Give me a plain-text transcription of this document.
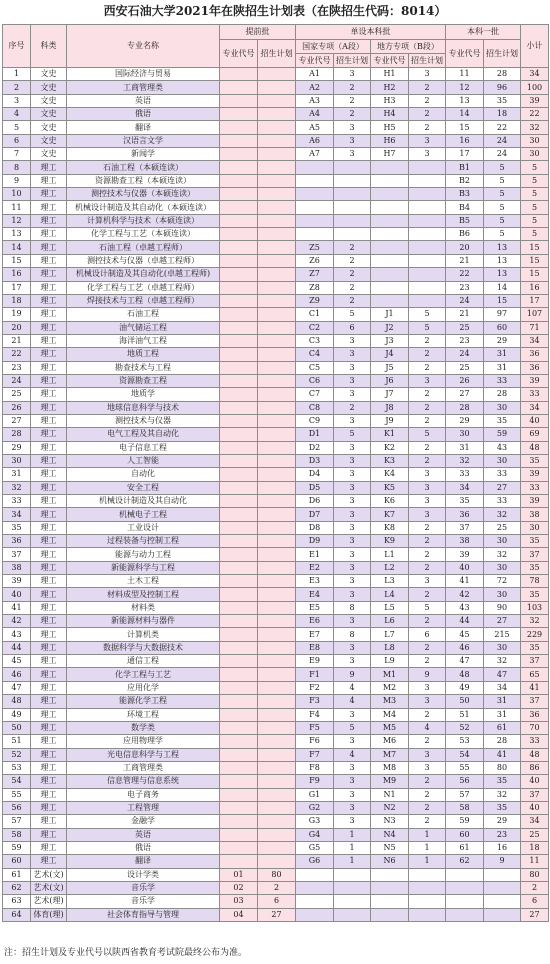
西安石油大学2021年在陕招生计划表（在陕招生代码：8014）
序号	科类	专业名称	提前批		单设本科批				本科一批		小计
			专业代号	招生计划	国家专项（A段）		地方专项（B段）		专业代号	招生计划	
					专业代号	招生计划	专业代号	招生计划			
1	文史	国际经济与贸易			A1	3	H1	3	11	28	34
2	文史	工商管理类			A2	2	H2	2	12	96	100
3	文史	英语			A3	2	H3	2	13	35	39
4	文史	俄语			A4	2	H4	2	14	18	22
5	文史	翻译			A5	3	H5	2	15	22	32
6	文史	汉语言文学			A6	3	H6	3	16	24	30
7	文史	新闻学			A7	3	H7	3	17	24	30
8	理工	石油工程（本硕连读）							B1	5	5
9	理工	资源勘查工程（本硕连读）							B2	5	5
10	理工	测控技术与仪器（本硕连读）							B3	5	5
11	理工	机械设计制造及其自动化（本硕连读）							B4	5	5
12	理工	计算机科学与技术（本硕连读）							B5	5	5
13	理工	化学工程与工艺（本硕连读）							B6	5	5
14	理工	石油工程（卓越工程师）			Z5	2			20	13	15
15	理工	测控技术与仪器（卓越工程师）			Z6	2			21	13	15
16	理工	机械设计制造及其自动化(卓越工程师)			Z7	2			22	13	15
17	理工	化学工程与工艺（卓越工程师）			Z8	2			23	14	16
18	理工	焊接技术与工程（卓越工程师）			Z9	2			24	15	17
19	理工	石油工程			C1	5	J1	5	21	97	107
20	理工	油气储运工程			C2	6	J2	5	25	60	71
21	理工	海洋油气工程			C3	3	J3	2	23	29	34
22	理工	地质工程			C4	3	J4	2	24	31	36
23	理工	勘查技术与工程			C5	3	J5	2	25	31	36
24	理工	资源勘查工程			C6	3	J6	3	26	33	39
25	理工	地质学			C7	3	J7	2	27	28	33
26	理工	地球信息科学与技术			C8	2	J8	2	28	30	34
27	理工	测控技术与仪器			C9	3	J9	2	29	35	40
28	理工	电气工程及其自动化			D1	5	K1	5	30	59	69
29	理工	电子信息工程			D2	3	K2	2	31	43	48
30	理工	人工智能			D3	3	K3	2	32	30	35
31	理工	自动化			D4	3	K4	3	33	33	39
32	理工	安全工程			D5	3	K5	3	34	27	33
33	理工	机械设计制造及其自动化			D6	3	K6	3	35	33	39
34	理工	机械电子工程			D7	3	K7	3	36	32	38
35	理工	工业设计			D8	3	K8	2	37	25	30
36	理工	过程装备与控制工程			D9	3	K9	2	38	30	35
37	理工	能源与动力工程			E1	3	L1	2	39	32	37
38	理工	新能源科学与工程			E2	3	L2	2	40	30	35
39	理工	土木工程			E3	3	L3	3	41	72	78
40	理工	材料成型及控制工程			E4	3	L4	2	42	30	35
41	理工	材料类			E5	8	L5	5	43	90	103
42	理工	新能源材料与器件			E6	3	L6	2	44	27	32
43	理工	计算机类			E7	8	L7	6	45	215	229
44	理工	数据科学与大数据技术			E8	3	L8	2	46	30	35
45	理工	通信工程			E9	3	L9	2	47	32	37
46	理工	化学工程与工艺			F1	9	M1	9	48	47	65
47	理工	应用化学			F2	4	M2	3	49	34	41
48	理工	能源化学工程			F3	4	M3	3	50	31	37
49	理工	环境工程			F4	3	M4	2	51	31	36
50	理工	数学类			F5	5	M5	4	52	61	70
51	理工	应用物理学			F6	3	M6	2	53	28	33
52	理工	光电信息科学与工程			F7	4	M7	3	54	41	48
53	理工	工商管理类			F8	3	M8	3	55	80	86
54	理工	信息管理与信息系统			F9	3	M9	2	56	35	40
55	理工	电子商务			G1	3	N1	2	57	32	37
56	理工	工程管理			G2	3	N2	2	58	35	40
57	理工	金融学			G3	3	N3	2	59	29	34
58	理工	英语			G4	1	N4	1	60	23	25
59	理工	俄语			G5	1	N5	1	61	16	18
60	理工	翻译			G6	1	N6	1	62	9	11
61	艺术(文)	设计学类	01	80							80
62	艺术(文)	音乐学	02	2							2
63	艺术(理)	音乐学	03	6							6
64	体育(理)	社会体育指导与管理	04	27							27
注：招生计划及专业代号以陕西省教育考试院最终公布为准。
